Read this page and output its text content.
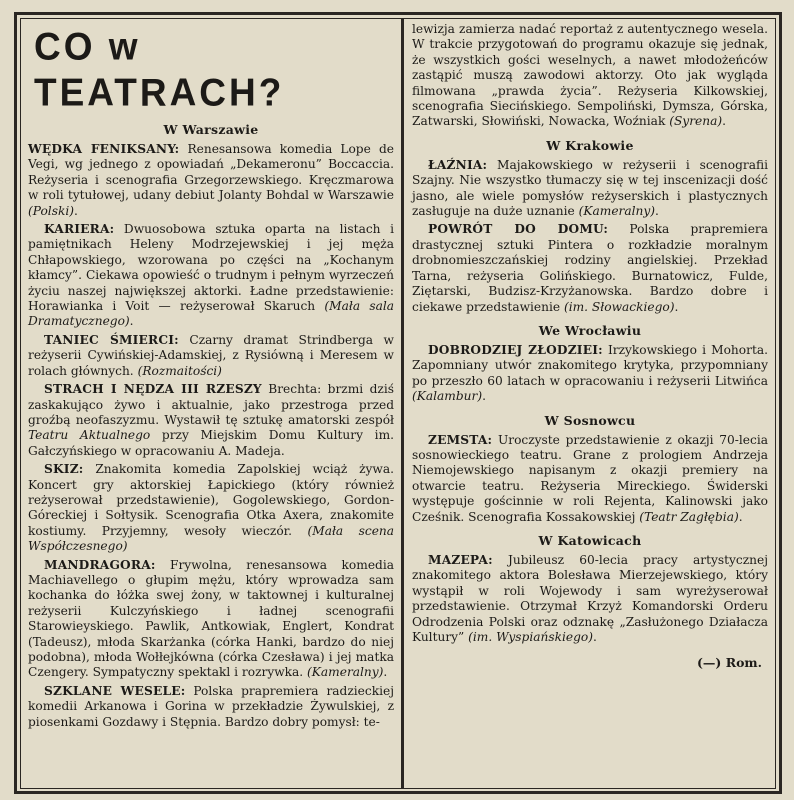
CO w TEATRACH?
W Warszawie

WĘDKA FENIKSANY: Renesansowa komedia Lope de Vegi, wg jednego z opowiadań „Dekameronu” Boccaccia. Reżyseria i scenografia Grzegorzewskiego. Kręczmarowa w roli tytułowej, udany debiut Jolanty Bohdal w Warszawie (Polski).

KARIERA: Dwuosobowa sztuka oparta na listach i pamiętnikach Heleny Modrzejewskiej i jej męża Chłapowskiego, wzorowana po części na „Kochanym kłamcy”. Ciekawa opowieść o trudnym i pełnym wyrzeczeń życiu naszej największej aktorki. Ładne przedstawienie: Horawianka i Voit — reżyserował Skaruch (Mała sala Dramatycznego).

TANIEC ŚMIERCI: Czarny dramat Strindberga w reżyserii Cywińskiej-Adamskiej, z Rysiówną i Meresem w rolach głównych. (Rozmaitości)

STRACH I NĘDZA III RZESZY Brechta: brzmi dziś zaskakująco żywo i aktualnie, jako przestroga przed groźbą neofaszyzmu. Wystawił tę sztukę amatorski zespół Teatru Aktualnego przy Miejskim Domu Kultury im. Gałczyńskiego w opracowaniu A. Madeja.

SKIZ: Znakomita komedia Zapolskiej wciąż żywa. Koncert gry aktorskiej Łapickiego (który również reżyserował przedstawienie), Gogolewskiego, Gordon-Góreckiej i Sołtysik. Scenografia Otka Axera, znakomite kostiumy. Przyjemny, wesoły wieczór. (Mała scena Współczesnego)

MANDRAGORA: Frywolna, renesansowa komedia Machiavellego o głupim mężu, który wprowadza sam kochanka do łóżka swej żony, w taktownej i kulturalnej reżyserii Kulczyńskiego i ładnej scenografii Starowieyskiego. Pawlik, Antkowiak, Englert, Kondrat (Tadeusz), młoda Skarżanka (córka Hanki, bardzo do niej podobna), młoda Wołłejkówna (córka Czesława) i jej matka Czengery. Sympatyczny spektakl i rozrywka. (Kameralny).

SZKLANE WESELE: Polska prapremiera radzieckiej komedii Arkanowa i Gorina w przekładzie Żywulskiej, z piosenkami Gozdawy i Stępnia. Bardzo dobry pomysł: te-

lewizja zamierza nadać reportaż z autentycznego wesela. W trakcie przygotowań do programu okazuje się jednak, że wszystkich gości weselnych, a nawet młodożeńców zastąpić muszą zawodowi aktorzy. Oto jak wygląda filmowana „prawda życia”. Reżyseria Kilkowskiej, scenografia Siecińskiego. Sempoliński, Dymsza, Górska, Zatwarski, Słowiński, Nowacka, Woźniak (Syrena).

W Krakowie

ŁAŹNIA: Majakowskiego w reżyserii i scenografii Szajny. Nie wszystko tłumaczy się w tej inscenizacji dość jasno, ale wiele pomysłów reżyserskich i plastycznych zasługuje na duże uznanie (Kameralny).

POWRÓT DO DOMU: Polska prapremiera drastycznej sztuki Pintera o rozkładzie moralnym drobnomieszczańskiej rodziny angielskiej. Przekład Tarna, reżyseria Golińskiego. Burnatowicz, Fulde, Ziętarski, Budzisz-Krzyżanowska. Bardzo dobre i ciekawe przedstawienie (im. Słowackiego).

We Wrocławiu

DOBRODZIEJ ZŁODZIEI: Irzykowskiego i Mohorta. Zapomniany utwór znakomitego krytyka, przypomniany po przeszło 60 latach w opracowaniu i reżyserii Litwińca (Kalambur).

W Sosnowcu

ZEMSTA: Uroczyste przedstawienie z okazji 70-lecia sosnowieckiego teatru. Grane z prologiem Andrzeja Niemojewskiego napisanym z okazji premiery na otwarcie teatru. Reżyseria Mireckiego. Świderski występuje gościnnie w roli Rejenta, Kalinowski jako Cześnik. Scenografia Kossakowskiej (Teatr Zagłębia).

W Katowicach

MAZEPA: Jubileusz 60-lecia pracy artystycznej znakomitego aktora Bolesława Mierzejewskiego, który wystąpił w roli Wojewody i sam wyreżyserował przedstawienie. Otrzymał Krzyż Komandorski Orderu Odrodzenia Polski oraz odznakę „Zasłużonego Działacza Kultury” (im. Wyspiańskiego).

(—) Rom.
